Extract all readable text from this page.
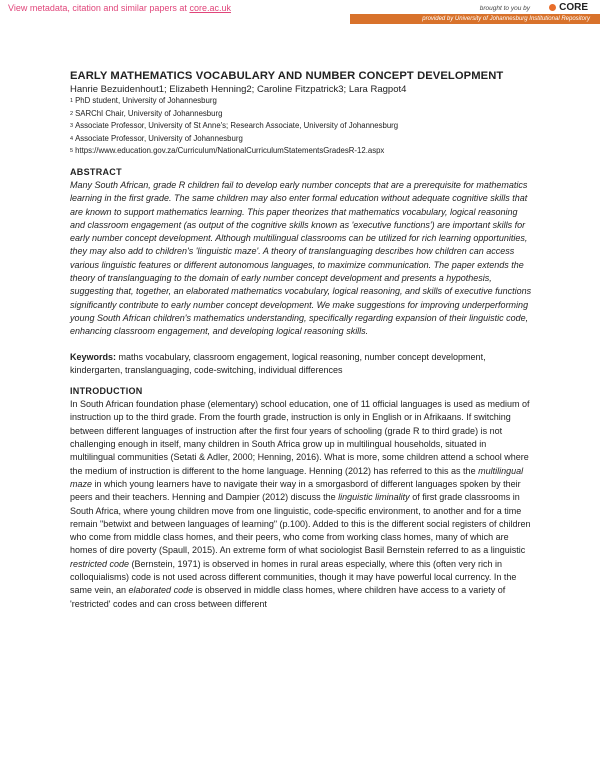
View metadata, citation and similar papers at core.ac.uk	brought to you by	CORE
provided by University of Johannesburg Institutional Repository
EARLY MATHEMATICS VOCABULARY AND NUMBER CONCEPT DEVELOPMENT
Hanrie Bezuidenhout1; Elizabeth Henning2; Caroline Fitzpatrick3; Lara Ragpot4
1 PhD student, University of Johannesburg
2 SARChI Chair, University of Johannesburg
3 Associate Professor, University of St Anne's; Research Associate, University of Johannesburg
4 Associate Professor, University of Johannesburg
5 https://www.education.gov.za/Curriculum/NationalCurriculumStatementsGradesR-12.aspx
ABSTRACT

Many South African, grade R children fail to develop early number concepts that are a prerequisite for mathematics learning in the first grade. The same children may also enter formal education without adequate cognitive skills that are known to support mathematics learning. This paper theorizes that mathematics vocabulary, logical reasoning and classroom engagement (as output of the cognitive skills known as 'executive functions') are important skills for early number concept development. Although multilingual classrooms can be utilized for rich learning opportunities, they may also add to children's 'linguistic maze'. A theory of translanguaging describes how children can access various linguistic features or different autonomous languages, to maximize communication. The paper extends the theory of translanguaging to the domain of early number concept development and presents a hypothesis, suggesting that, together, an elaborated mathematics vocabulary, logical reasoning, and skills of executive functions significantly contribute to early number concept development. We make suggestions for improving underperforming young South African children's mathematics understanding, specifically regarding expansion of their linguistic code, enhancing classroom engagement, and developing logical reasoning skills.

Keywords: maths vocabulary, classroom engagement, logical reasoning, number concept development, kindergarten, translanguaging, code-switching, individual differences
INTRODUCTION

In South African foundation phase (elementary) school education, one of 11 official languages is used as medium of instruction up to the third grade. From the fourth grade, instruction is only in English or in Afrikaans. If switching between different languages of instruction after the first four years of schooling (grade R to third grade) is not challenging enough in itself, many children in South Africa grow up in multilingual households, situated in multilingual communities (Setati & Adler, 2000; Henning, 2016). What is more, some children attend a school where the medium of instruction is different to the home language. Henning (2012) has referred to this as the multilingual maze in which young learners have to navigate their way in a smorgasbord of different languages spoken by their peers and their teachers. Henning and Dampier (2012) discuss the linguistic liminality of first grade classrooms in South Africa, where young children move from one linguistic, code-specific environment, to another and for a time remain "betwixt and between languages of learning" (p.100). Added to this is the different social registers of children who come from middle class homes, and their peers, who come from working class homes, many of which are homes of dire poverty (Spaull, 2015). An extreme form of what sociologist Basil Bernstein referred to as a linguistic restricted code (Bernstein, 1971) is observed in homes in rural areas especially, where this (often very rich in colloquialisms) code is not used across different communities, though it may have powerful local currency. In the same vein, an elaborated code is observed in middle class homes, where children have access to a variety of 'restricted' codes and can cross between different
